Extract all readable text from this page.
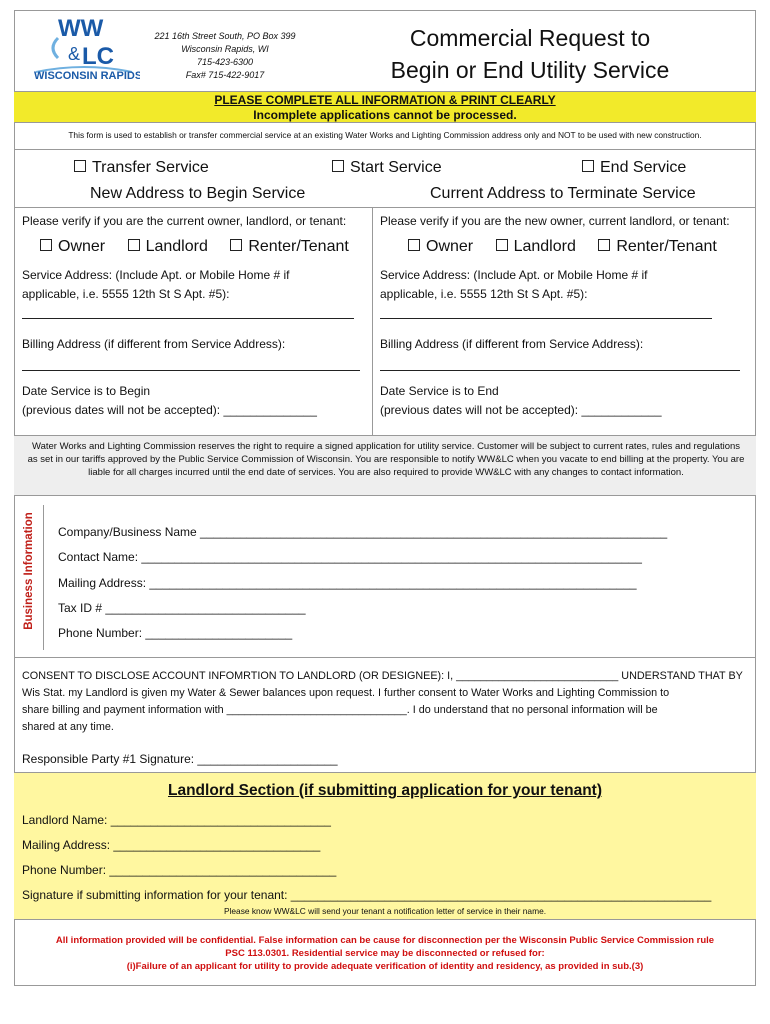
WW
& LC
WISCONSIN RAPIDS
221 16th Street South, PO Box 399
Wisconsin Rapids, WI
715-423-6300
Fax# 715-422-9017
Commercial Request to
Begin or End Utility Service
PLEASE COMPLETE ALL INFORMATION & PRINT CLEARLY
Incomplete applications cannot be processed.
This form is used to establish or transfer commercial service at an existing Water Works and Lighting Commission address only and NOT to be used with new construction.
Transfer Service	Start Service	End Service
New Address to Begin Service	Current Address to Terminate Service
Please verify if you are the current owner, landlord, or tenant:
Owner	Landlord	Renter/Tenant
Service Address: (Include Apt. or Mobile Home # if
applicable, i.e. 5555 12th St S Apt. #5):
Billing Address (if different from Service Address):
Date Service is to Begin
(previous dates will not be accepted): ______________
Please verify if you are the new owner, current landlord, or tenant:
Owner	Landlord	Renter/Tenant
Service Address: (Include Apt. or Mobile Home # if
applicable, i.e. 5555 12th St S Apt. #5):
Billing Address (if different from Service Address):
Date Service is to End
(previous dates will not be accepted): ____________
Water Works and Lighting Commission reserves the right to require a signed application for utility service. Customer will be subject to current rates, rules and regulations as set in our tariffs approved by the Public Service Commission of Wisconsin. You are responsible to notify WW&LC when you vacate to end billing at the property. You are liable for all charges incurred until the end date of services. You are also required to provide WW&LC with any changes to contact information.
Business Information Company/Business Name ______________________________________________________________________
Contact Name: ___________________________________________________________________________
Mailing Address: _________________________________________________________________________
Tax ID # ______________________________
Phone Number: ______________________
CONSENT TO DISCLOSE ACCOUNT INFOMRTION TO LANDLORD (OR DESIGNEE): I, ___________________________ UNDERSTAND THAT BY
Wis Stat. my Landlord is given my Water & Sewer balances upon request. I further consent to Water Works and Lighting Commission to
share billing and payment information with ______________________________. I do understand that no personal information will be
shared at any time.
Responsible Party #1 Signature: _____________________
Landlord Section (if submitting application for your tenant)
Landlord Name: _________________________________
Mailing Address: _______________________________
Phone Number: __________________________________
Signature if submitting information for your tenant: _______________________________________________________________
Please know WW&LC will send your tenant a notification letter of service in their name.
All information provided will be confidential. False information can be cause for disconnection per the Wisconsin Public Service Commission rule
PSC 113.0301. Residential service may be disconnected or refused for:
(i)Failure of an applicant for utility to provide adequate verification of identity and residency, as provided in sub.(3)
